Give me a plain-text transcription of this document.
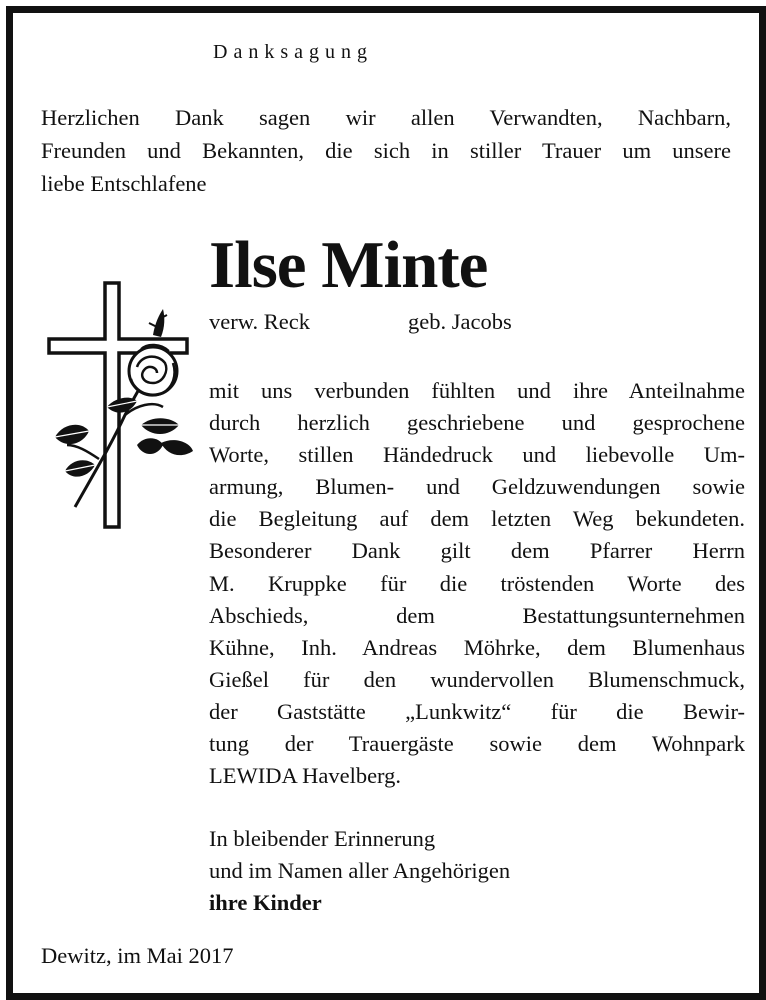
Danksagung
Herzlichen Dank sagen wir allen Verwandten, Nachbarn,
Freunden und Bekannten, die sich in stiller Trauer um unsere
liebe Entschlafene
Ilse Minte
verw. Reck	geb. Jacobs
mit uns verbunden fühlten und ihre Anteilnahme
durch herzlich geschriebene und gesprochene
Worte, stillen Händedruck und liebevolle Um-
armung, Blumen- und Geldzuwendungen sowie
die Begleitung auf dem letzten Weg bekundeten.
Besonderer Dank gilt dem Pfarrer Herrn
M. Kruppke für die tröstenden Worte des
Abschieds, dem Bestattungsunternehmen
Kühne, Inh. Andreas Möhrke, dem Blumenhaus
Gießel für den wundervollen Blumenschmuck,
der Gaststätte „Lunkwitz“ für die Bewir-
tung der Trauergäste sowie dem Wohnpark
LEWIDA Havelberg.
In bleibender Erinnerung
und im Namen aller Angehörigen
ihre Kinder
Dewitz, im Mai 2017
